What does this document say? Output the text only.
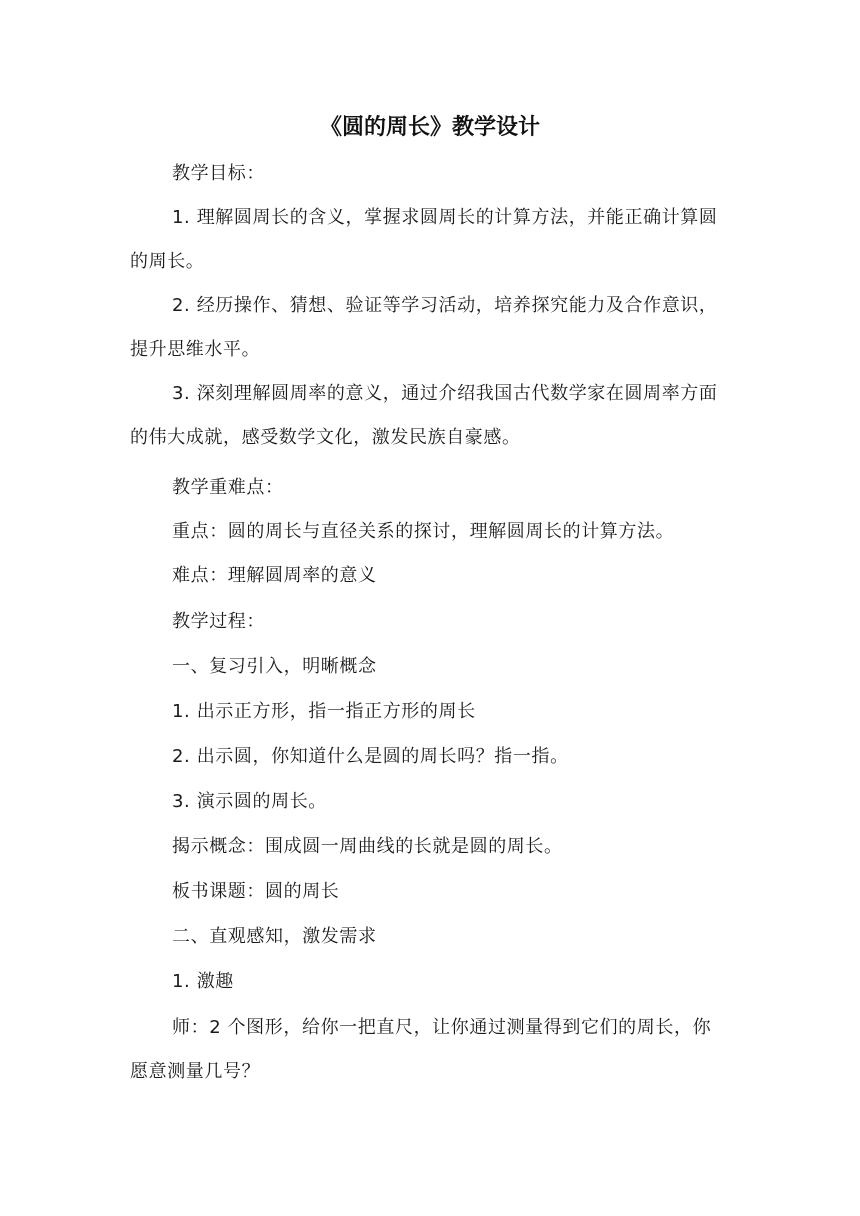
《圆的周长》教学设计

教学目标：

1. 理解圆周长的含义，掌握求圆周长的计算方法，并能正确计算圆的周长。

2. 经历操作、猜想、验证等学习活动，培养探究能力及合作意识，提升思维水平。

3. 深刻理解圆周率的意义，通过介绍我国古代数学家在圆周率方面的伟大成就，感受数学文化，激发民族自豪感。

教学重难点：

重点：圆的周长与直径关系的探讨，理解圆周长的计算方法。

难点：理解圆周率的意义

教学过程：

一、复习引入，明晰概念

1. 出示正方形，指一指正方形的周长

2. 出示圆，你知道什么是圆的周长吗？指一指。

3. 演示圆的周长。

揭示概念：围成圆一周曲线的长就是圆的周长。

板书课题：圆的周长

二、直观感知，激发需求

1. 激趣

师：2 个图形，给你一把直尺，让你通过测量得到它们的周长，你愿意测量几号？
